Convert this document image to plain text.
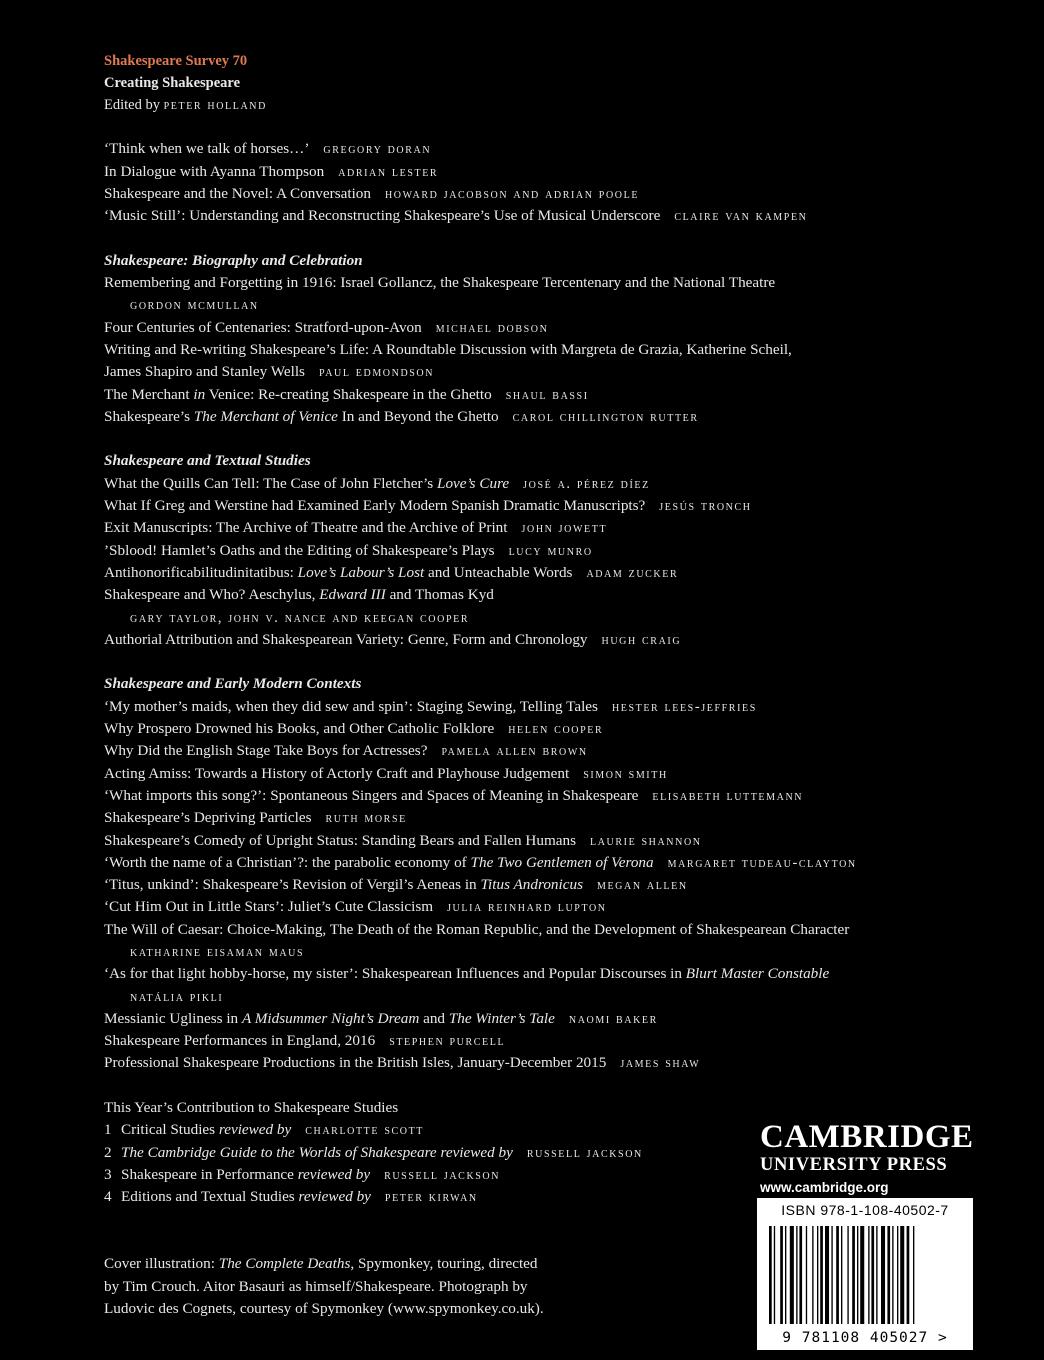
Shakespeare Survey 70
Creating Shakespeare
Edited by peter holland
‘Think when we talk of horses…’ gregory doran
In Dialogue with Ayanna Thompson adrian lester
Shakespeare and the Novel: A Conversation howard jacobson and adrian poole
‘Music Still’: Understanding and Reconstructing Shakespeare’s Use of Musical Underscore claire van kampen
Shakespeare: Biography and Celebration
Remembering and Forgetting in 1916: Israel Gollancz, the Shakespeare Tercentenary and the National Theatre
gordon mcmullan
Four Centuries of Centenaries: Stratford-upon-Avon michael dobson
Writing and Re-writing Shakespeare’s Life: A Roundtable Discussion with Margreta de Grazia, Katherine Scheil,
James Shapiro and Stanley Wells paul edmondson
The Merchant in Venice: Re-creating Shakespeare in the Ghetto shaul bassi
Shakespeare’s The Merchant of Venice In and Beyond the Ghetto carol chillington rutter
Shakespeare and Textual Studies
What the Quills Can Tell: The Case of John Fletcher’s Love’s Cure josé a. pérez díez
What If Greg and Werstine had Examined Early Modern Spanish Dramatic Manuscripts? jesús tronch
Exit Manuscripts: The Archive of Theatre and the Archive of Print john jowett
’Sblood! Hamlet’s Oaths and the Editing of Shakespeare’s Plays lucy munro
Antihonorificabilitudinitatibus: Love’s Labour’s Lost and Unteachable Words adam zucker
Shakespeare and Who? Aeschylus, Edward III and Thomas Kyd
gary taylor, john v. nance and keegan cooper
Authorial Attribution and Shakespearean Variety: Genre, Form and Chronology hugh craig
Shakespeare and Early Modern Contexts
‘My mother’s maids, when they did sew and spin’: Staging Sewing, Telling Tales hester lees-jeffries
Why Prospero Drowned his Books, and Other Catholic Folklore helen cooper
Why Did the English Stage Take Boys for Actresses? pamela allen brown
Acting Amiss: Towards a History of Actorly Craft and Playhouse Judgement simon smith
‘What imports this song?’: Spontaneous Singers and Spaces of Meaning in Shakespeare elisabeth luttemann
Shakespeare’s Depriving Particles ruth morse
Shakespeare’s Comedy of Upright Status: Standing Bears and Fallen Humans laurie shannon
‘Worth the name of a Christian’?: the parabolic economy of The Two Gentlemen of Verona margaret tudeau-clayton
‘Titus, unkind’: Shakespeare’s Revision of Vergil’s Aeneas in Titus Andronicus megan allen
‘Cut Him Out in Little Stars’: Juliet’s Cute Classicism julia reinhard lupton
The Will of Caesar: Choice-Making, The Death of the Roman Republic, and the Development of Shakespearean Character
katharine eisaman maus
‘As for that light hobby-horse, my sister’: Shakespearean Influences and Popular Discourses in Blurt Master Constable
natália pikli
Messianic Ugliness in A Midsummer Night’s Dream and The Winter’s Tale naomi baker
Shakespeare Performances in England, 2016 stephen purcell
Professional Shakespeare Productions in the British Isles, January-December 2015 james shaw
This Year’s Contribution to Shakespeare Studies
1 Critical Studies reviewed by charlotte scott
2 The Cambridge Guide to the Worlds of Shakespeare reviewed by russell jackson
3 Shakespeare in Performance reviewed by russell jackson
4 Editions and Textual Studies reviewed by peter kirwan
Cover illustration: The Complete Deaths, Spymonkey, touring, directed
by Tim Crouch. Aitor Basauri as himself/Shakespeare. Photograph by
Ludovic des Cognets, courtesy of Spymonkey (www.spymonkey.co.uk).
CAMBRIDGE
UNIVERSITY PRESS
www.cambridge.org
ISBN 978-1-108-40502-7
9 781108 405027 >
